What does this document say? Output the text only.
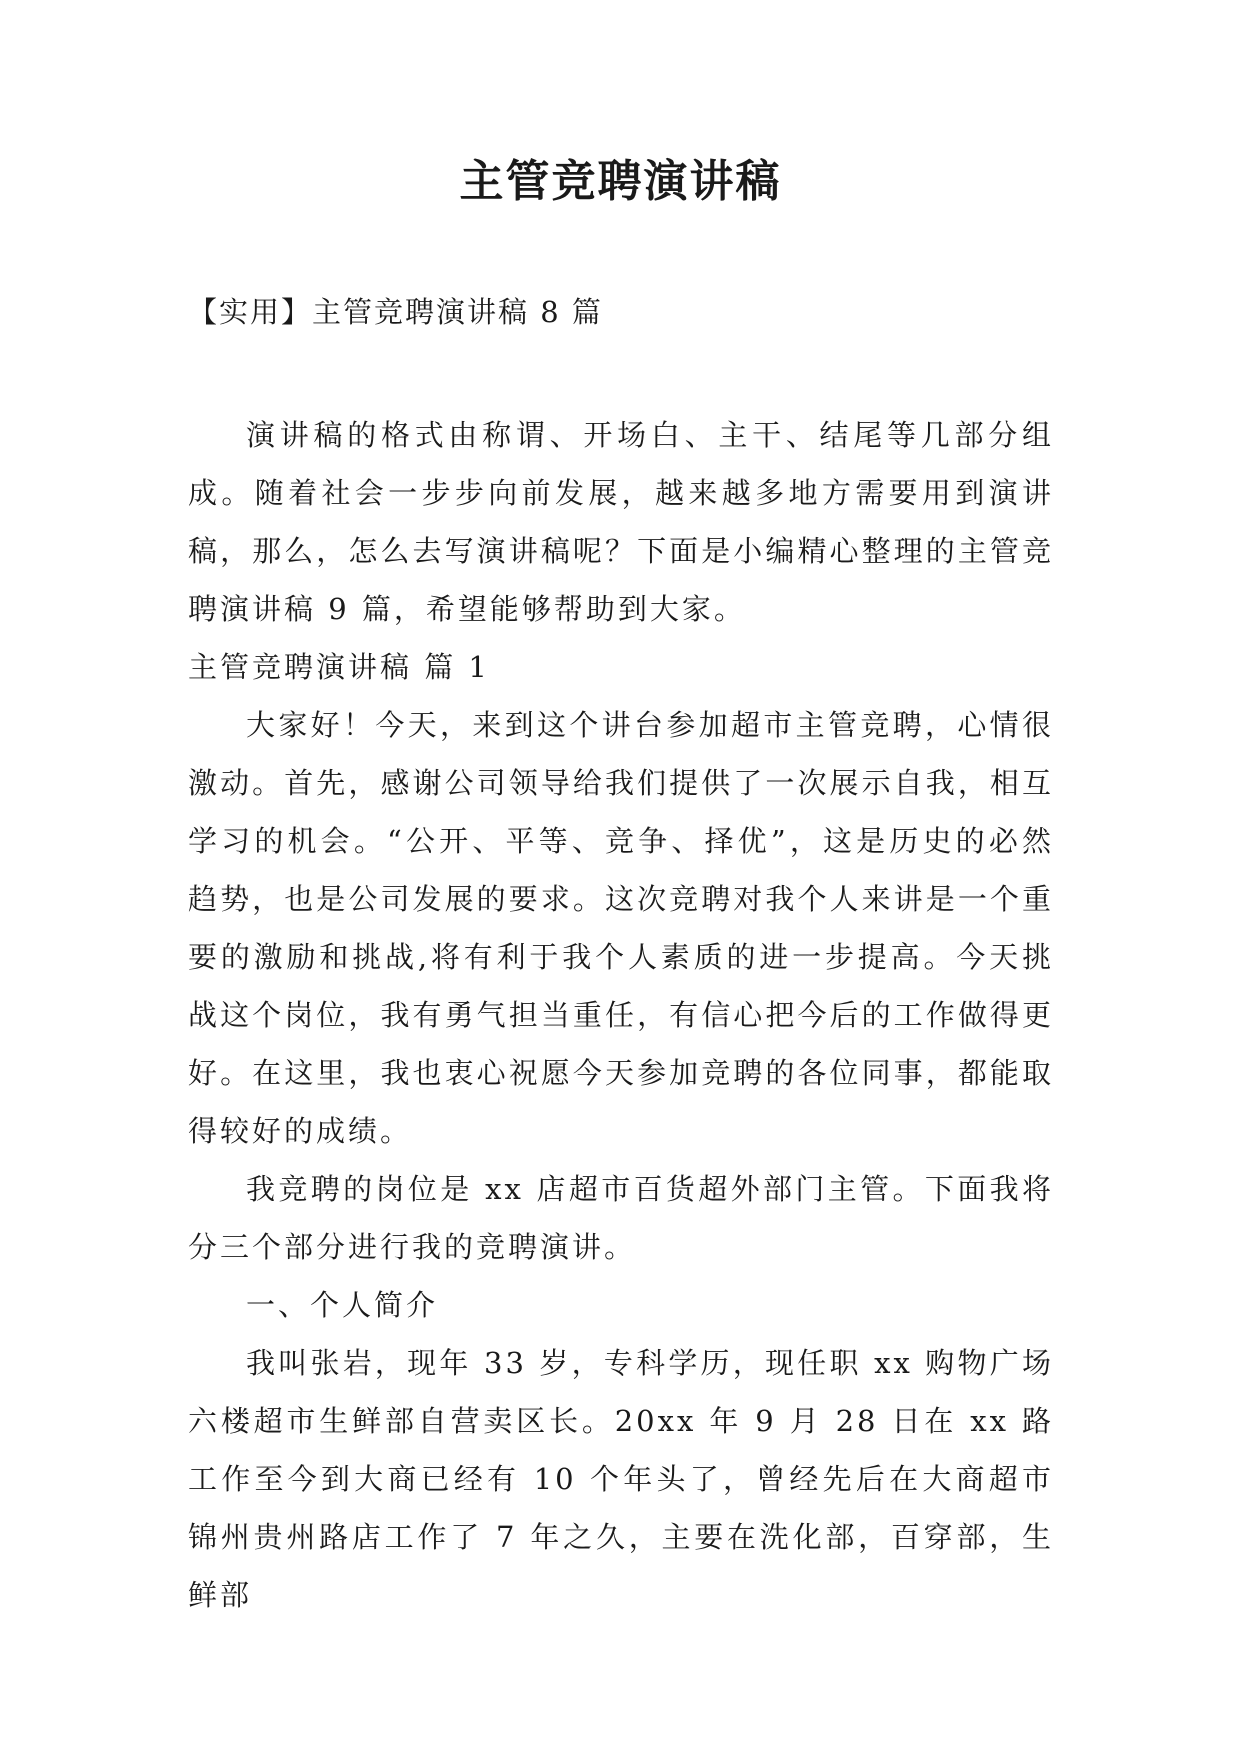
主管竞聘演讲稿
【实用】主管竞聘演讲稿 8 篇

演讲稿的格式由称谓、开场白、主干、结尾等几部分组成。随着社会一步步向前发展，越来越多地方需要用到演讲稿，那么，怎么去写演讲稿呢？下面是小编精心整理的主管竞聘演讲稿 9 篇，希望能够帮助到大家。

主管竞聘演讲稿 篇 1

大家好！今天，来到这个讲台参加超市主管竞聘，心情很激动。首先，感谢公司领导给我们提供了一次展示自我，相互学习的机会。“公开、平等、竞争、择优”，这是历史的必然趋势，也是公司发展的要求。这次竞聘对我个人来讲是一个重要的激励和挑战,将有利于我个人素质的进一步提高。今天挑战这个岗位，我有勇气担当重任，有信心把今后的工作做得更好。在这里，我也衷心祝愿今天参加竞聘的各位同事，都能取得较好的成绩。

我竞聘的岗位是 xx 店超市百货超外部门主管。下面我将分三个部分进行我的竞聘演讲。

一、个人简介

我叫张岩，现年 33 岁，专科学历，现任职 xx 购物广场六楼超市生鲜部自营卖区长。20xx 年 9 月 28 日在 xx 路工作至今到大商已经有 10 个年头了，曾经先后在大商超市锦州贵州路店工作了 7 年之久，主要在洗化部，百穿部，生鲜部
